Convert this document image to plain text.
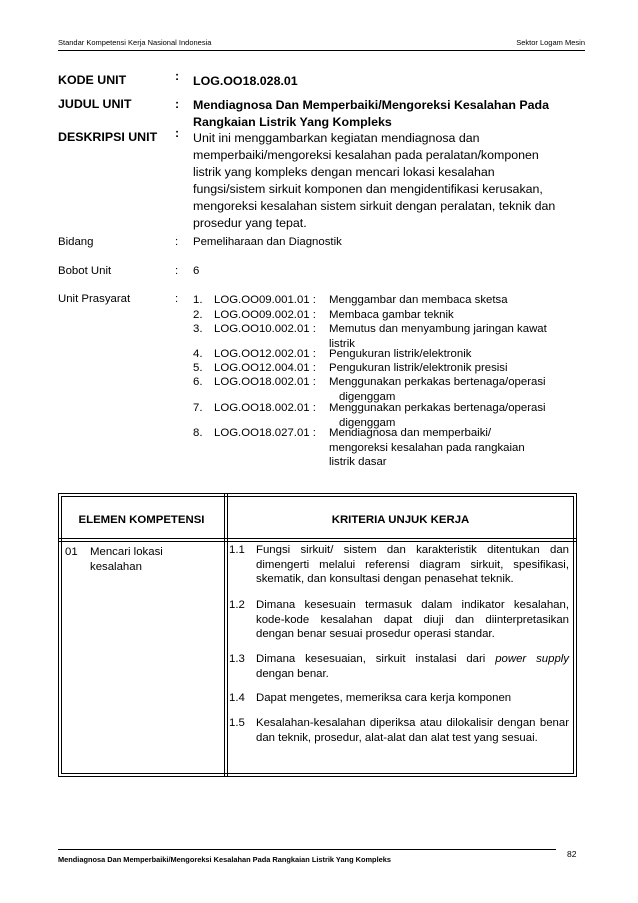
Standar Kompetensi Kerja Nasional Indonesia	Sektor Logam Mesin
KODE UNIT	: LOG.OO18.028.01
JUDUL UNIT	: Mendiagnosa Dan Memperbaiki/Mengoreksi Kesalahan Pada
Rangkaian Listrik Yang Kompleks
DESKRIPSI UNIT : Unit ini menggambarkan kegiatan mendiagnosa dan
memperbaiki/mengoreksi kesalahan pada peralatan/komponen
listrik yang kompleks dengan mencari lokasi kesalahan
fungsi/sistem sirkuit komponen dan mengidentifikasi kerusakan,
mengoreksi kesalahan sistem sirkuit dengan peralatan, teknik dan
prosedur yang tepat.
Bidang	: Pemeliharaan dan Diagnostik
Bobot Unit	: 6
Unit Prasyarat	: 1. LOG.OO09.001.01 : Menggambar dan membaca sketsa
2. LOG.OO09.002.01 : Membaca gambar teknik
3. LOG.OO10.002.01 : Memutus dan menyambung jaringan kawat
listrik
4. LOG.OO12.002.01 : Pengukuran listrik/elektronik
5. LOG.OO12.004.01 : Pengukuran listrik/elektronik presisi
6. LOG.OO18.002.01 : Menggunakan perkakas bertenaga/operasi
digenggam
7. LOG.OO18.002.01 : Menggunakan perkakas bertenaga/operasi
digenggam
8. LOG.OO18.027.01 : Mendiagnosa dan memperbaiki/
mengoreksi kesalahan pada rangkaian
listrik dasar
ELEMEN KOMPETENSI	KRITERIA UNJUK KERJA
01 Mencari lokasi
kesalahan
1.1 Fungsi sirkuit/ sistem dan karakteristik ditentukan dan dimengerti melalui referensi diagram sirkuit, spesifikasi, skematik, dan konsultasi dengan penasehat teknik.
1.2 Dimana kesesuain termasuk dalam indikator kesalahan, kode-kode kesalahan dapat diuji dan diinterpretasikan dengan benar sesuai prosedur operasi standar.
1.3 Dimana kesesuaian, sirkuit instalasi dari power supply dengan benar.
1.4 Dapat mengetes, memeriksa cara kerja komponen
1.5 Kesalahan-kesalahan diperiksa atau dilokalisir dengan benar dan teknik, prosedur, alat-alat dan alat test yang sesuai.
Mendiagnosa Dan Memperbaiki/Mengoreksi Kesalahan Pada Rangkaian Listrik Yang Kompleks
82
